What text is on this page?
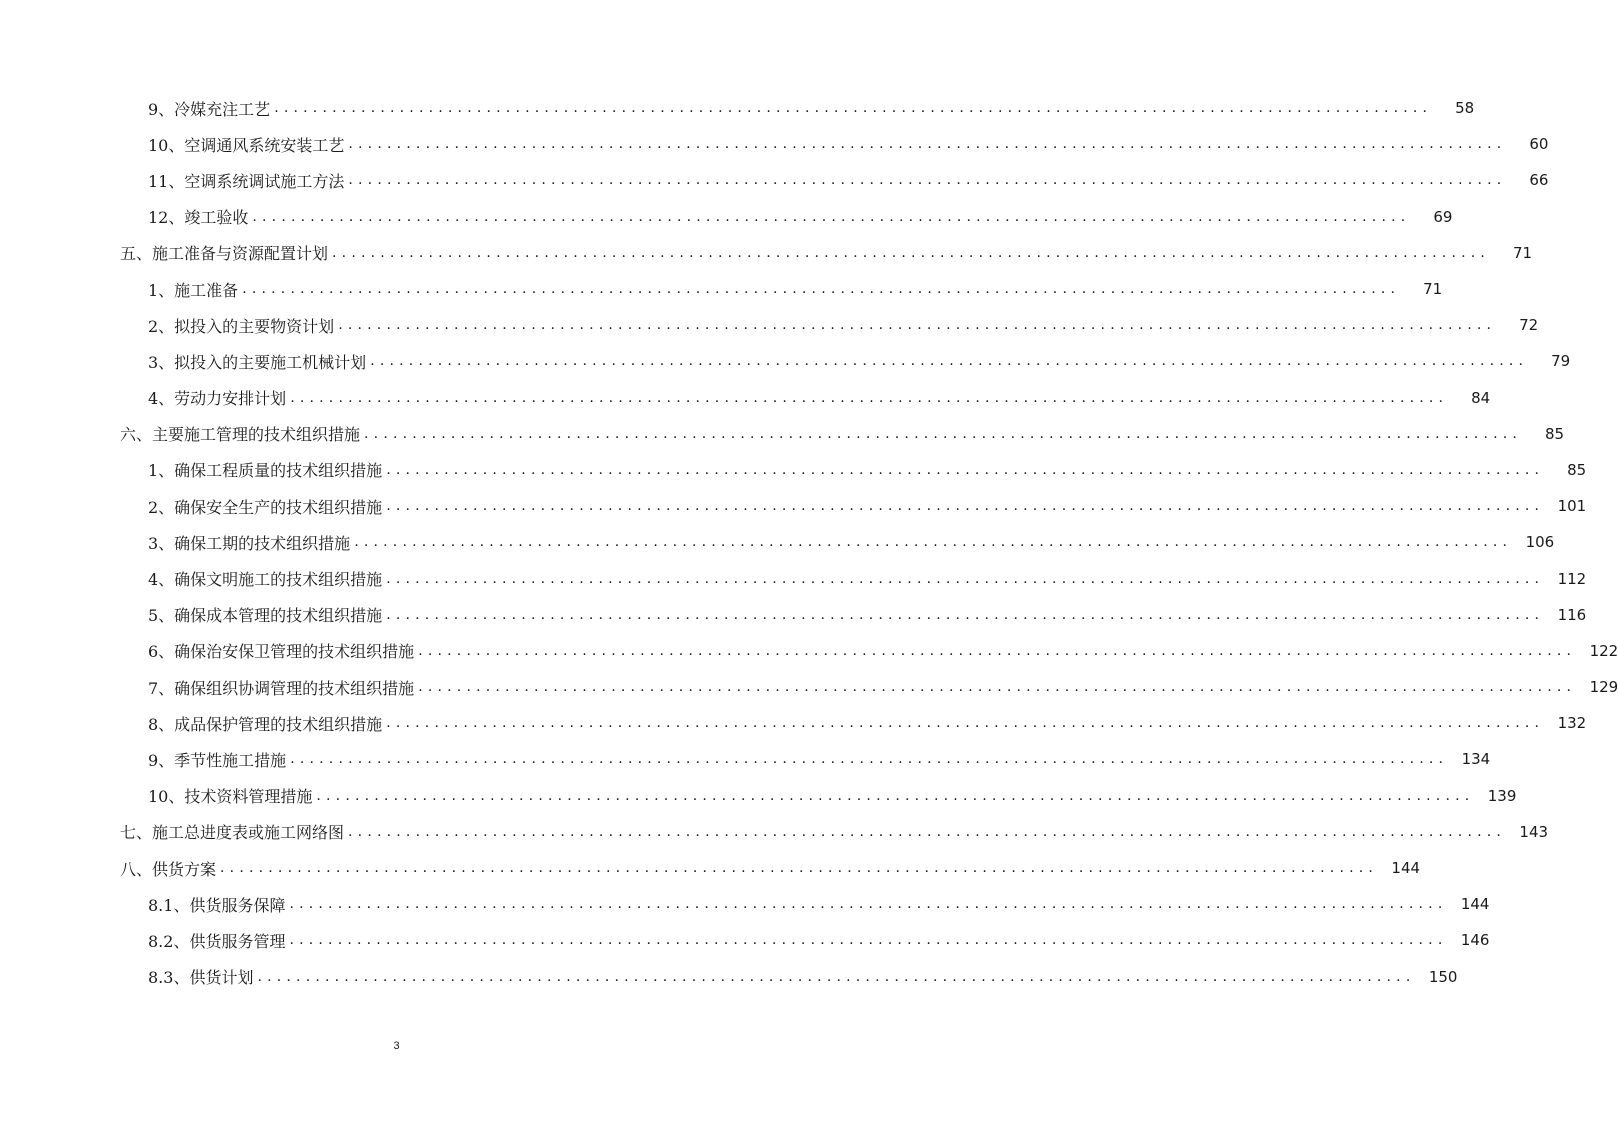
9、冷媒充注工艺 ........................................................................................................................	58
10、空调通风系统安装工艺 ........................................................................................................................	60
11、空调系统调试施工方法 ........................................................................................................................	66
12、竣工验收 ........................................................................................................................	69
五、施工准备与资源配置计划 ........................................................................................................................	71
1、施工准备 ........................................................................................................................	71
2、拟投入的主要物资计划 ........................................................................................................................	72
3、拟投入的主要施工机械计划 ........................................................................................................................	79
4、劳动力安排计划 ........................................................................................................................	84
六、主要施工管理的技术组织措施 ........................................................................................................................	85
1、确保工程质量的技术组织措施 ........................................................................................................................	85
2、确保安全生产的技术组织措施 ........................................................................................................................ 101
3、确保工期的技术组织措施 ........................................................................................................................ 106
4、确保文明施工的技术组织措施 ........................................................................................................................ 112
5、确保成本管理的技术组织措施 ........................................................................................................................ 116
6、确保治安保卫管理的技术组织措施 ........................................................................................................................ 122
7、确保组织协调管理的技术组织措施 ........................................................................................................................ 129
8、成品保护管理的技术组织措施 ........................................................................................................................ 132
9、季节性施工措施 ........................................................................................................................ 134
10、技术资料管理措施 ........................................................................................................................ 139
七、施工总进度表或施工网络图 ........................................................................................................................ 143
八、供货方案 ........................................................................................................................ 144
8.1、供货服务保障 ........................................................................................................................ 144
8.2、供货服务管理 ........................................................................................................................ 146
8.3、供货计划 ........................................................................................................................ 150
3
